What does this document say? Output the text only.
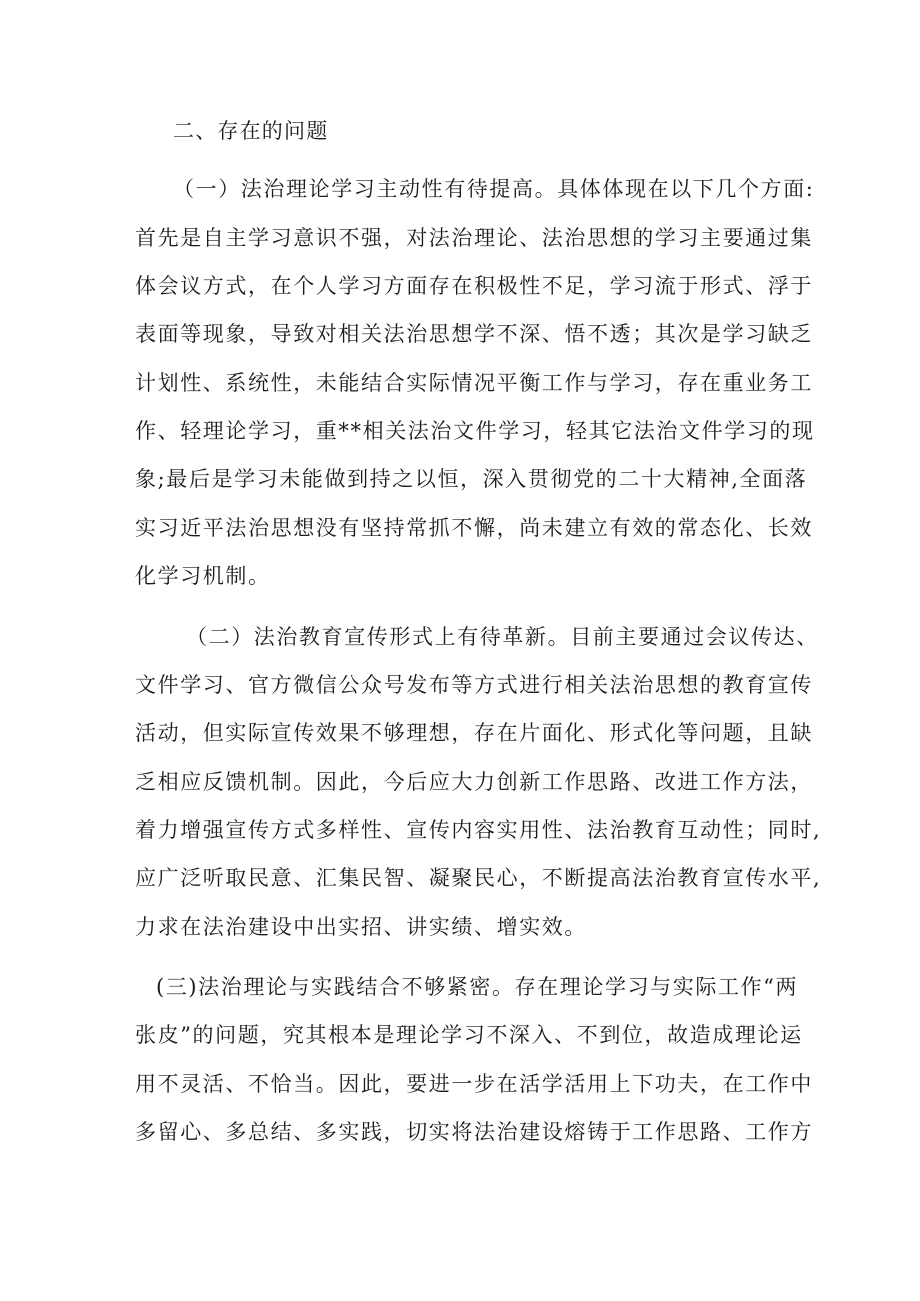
二、存在的问题
（一）法治理论学习主动性有待提高。具体体现在以下几个方面:
首先是自主学习意识不强，对法治理论、法治思想的学习主要通过集
体会议方式，在个人学习方面存在积极性不足，学习流于形式、浮于
表面等现象，导致对相关法治思想学不深、悟不透；其次是学习缺乏
计划性、系统性，未能结合实际情况平衡工作与学习，存在重业务工
作、轻理论学习，重**相关法治文件学习，轻其它法治文件学习的现
象;最后是学习未能做到持之以恒，深入贯彻党的二十大精神,全面落
实习近平法治思想没有坚持常抓不懈，尚未建立有效的常态化、长效
化学习机制。
（二）法治教育宣传形式上有待革新。目前主要通过会议传达、
文件学习、官方微信公众号发布等方式进行相关法治思想的教育宣传
活动，但实际宣传效果不够理想，存在片面化、形式化等问题，且缺
乏相应反馈机制。因此，今后应大力创新工作思路、改进工作方法，
着力增强宣传方式多样性、宣传内容实用性、法治教育互动性；同时,
应广泛听取民意、汇集民智、凝聚民心，不断提高法治教育宣传水平,
力求在法治建设中出实招、讲实绩、增实效。
(三)法治理论与实践结合不够紧密。存在理论学习与实际工作“两
张皮”的问题，究其根本是理论学习不深入、不到位，故造成理论运
用不灵活、不恰当。因此，要进一步在活学活用上下功夫，在工作中
多留心、多总结、多实践，切实将法治建设熔铸于工作思路、工作方
